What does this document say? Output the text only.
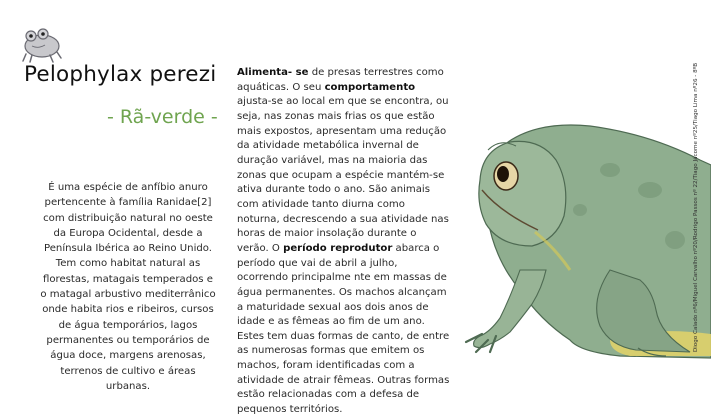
Pelophylax perezi
- Rã-verde -
É uma espécie de anfíbio anuro pertencente à família Ranidae[2] com distribuição natural no oeste da Europa Ocidental, desde a Península Ibérica ao Reino Unido. Tem como habitat natural as florestas, matagais temperados e o matagal arbustivo mediterrânico onde habita rios e ribeiros, cursos de água temporários, lagos permanentes ou temporários de água doce, margens arenosas, terrenos de cultivo e áreas urbanas.
Alimenta- se de presas terrestres como aquáticas. O seu comportamento ajusta-se ao local em que se encontra, ou seja, nas zonas mais frias os que estão mais expostos, apresentam uma redução da atividade metabólica invernal de duração variável, mas na maioria das zonas que ocupam a espécie mantém-se ativa durante todo o ano. São animais com atividade tanto diurna como noturna, decrescendo a sua atividade nas horas de maior insolação durante o verão. O período reprodutor abarca o período que vai de abril a julho, ocorrendo principalme nte em massas de água permanentes. Os machos alcançam a maturidade sexual aos dois anos de idade e as fêmeas ao fim de um ano. Estes tem duas formas de canto, de entre as numerosas formas que emitem os machos, foram identificadas com a atividade de atrair fêmeas. Outras formas estão relacionadas com a defesa de pequenos territórios.
Diogo Calado nº6/Miguel Carvalho nº20/Rodrigo Passos nº 22/Tiago Jácome nº25/Tiago Lima nº26 - 8ºB
